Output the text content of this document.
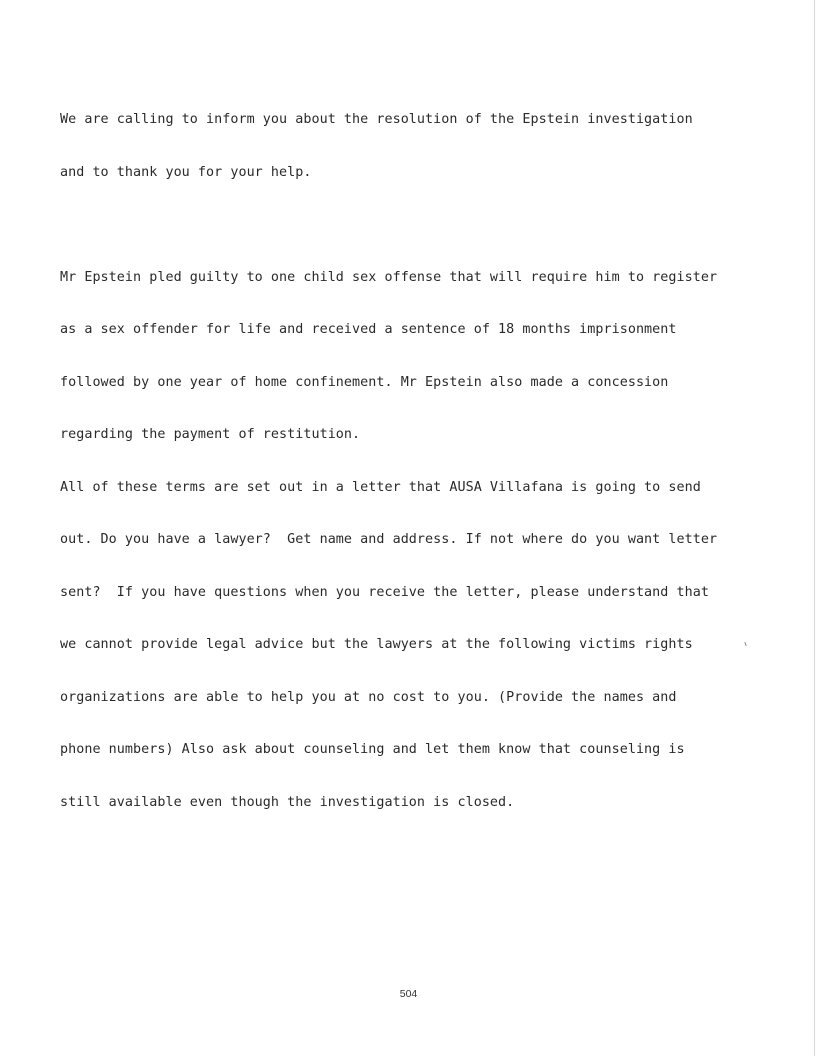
We are calling to inform you about the resolution of the Epstein investigation

and to thank you for your help.

Mr Epstein pled guilty to one child sex offense that will require him to register

as a sex offender for life and received a sentence of 18 months imprisonment

followed by one year of home confinement. Mr Epstein also made a concession

regarding the payment of restitution.

All of these terms are set out in a letter that AUSA Villafana is going to send

out. Do you have a lawyer?  Get name and address. If not where do you want letter

sent?  If you have questions when you receive the letter, please understand that

we cannot provide legal advice but the lawyers at the following victims rights

organizations are able to help you at no cost to you. (Provide the names and

phone numbers) Also ask about counseling and let them know that counseling is

still available even though the investigation is closed.

504
